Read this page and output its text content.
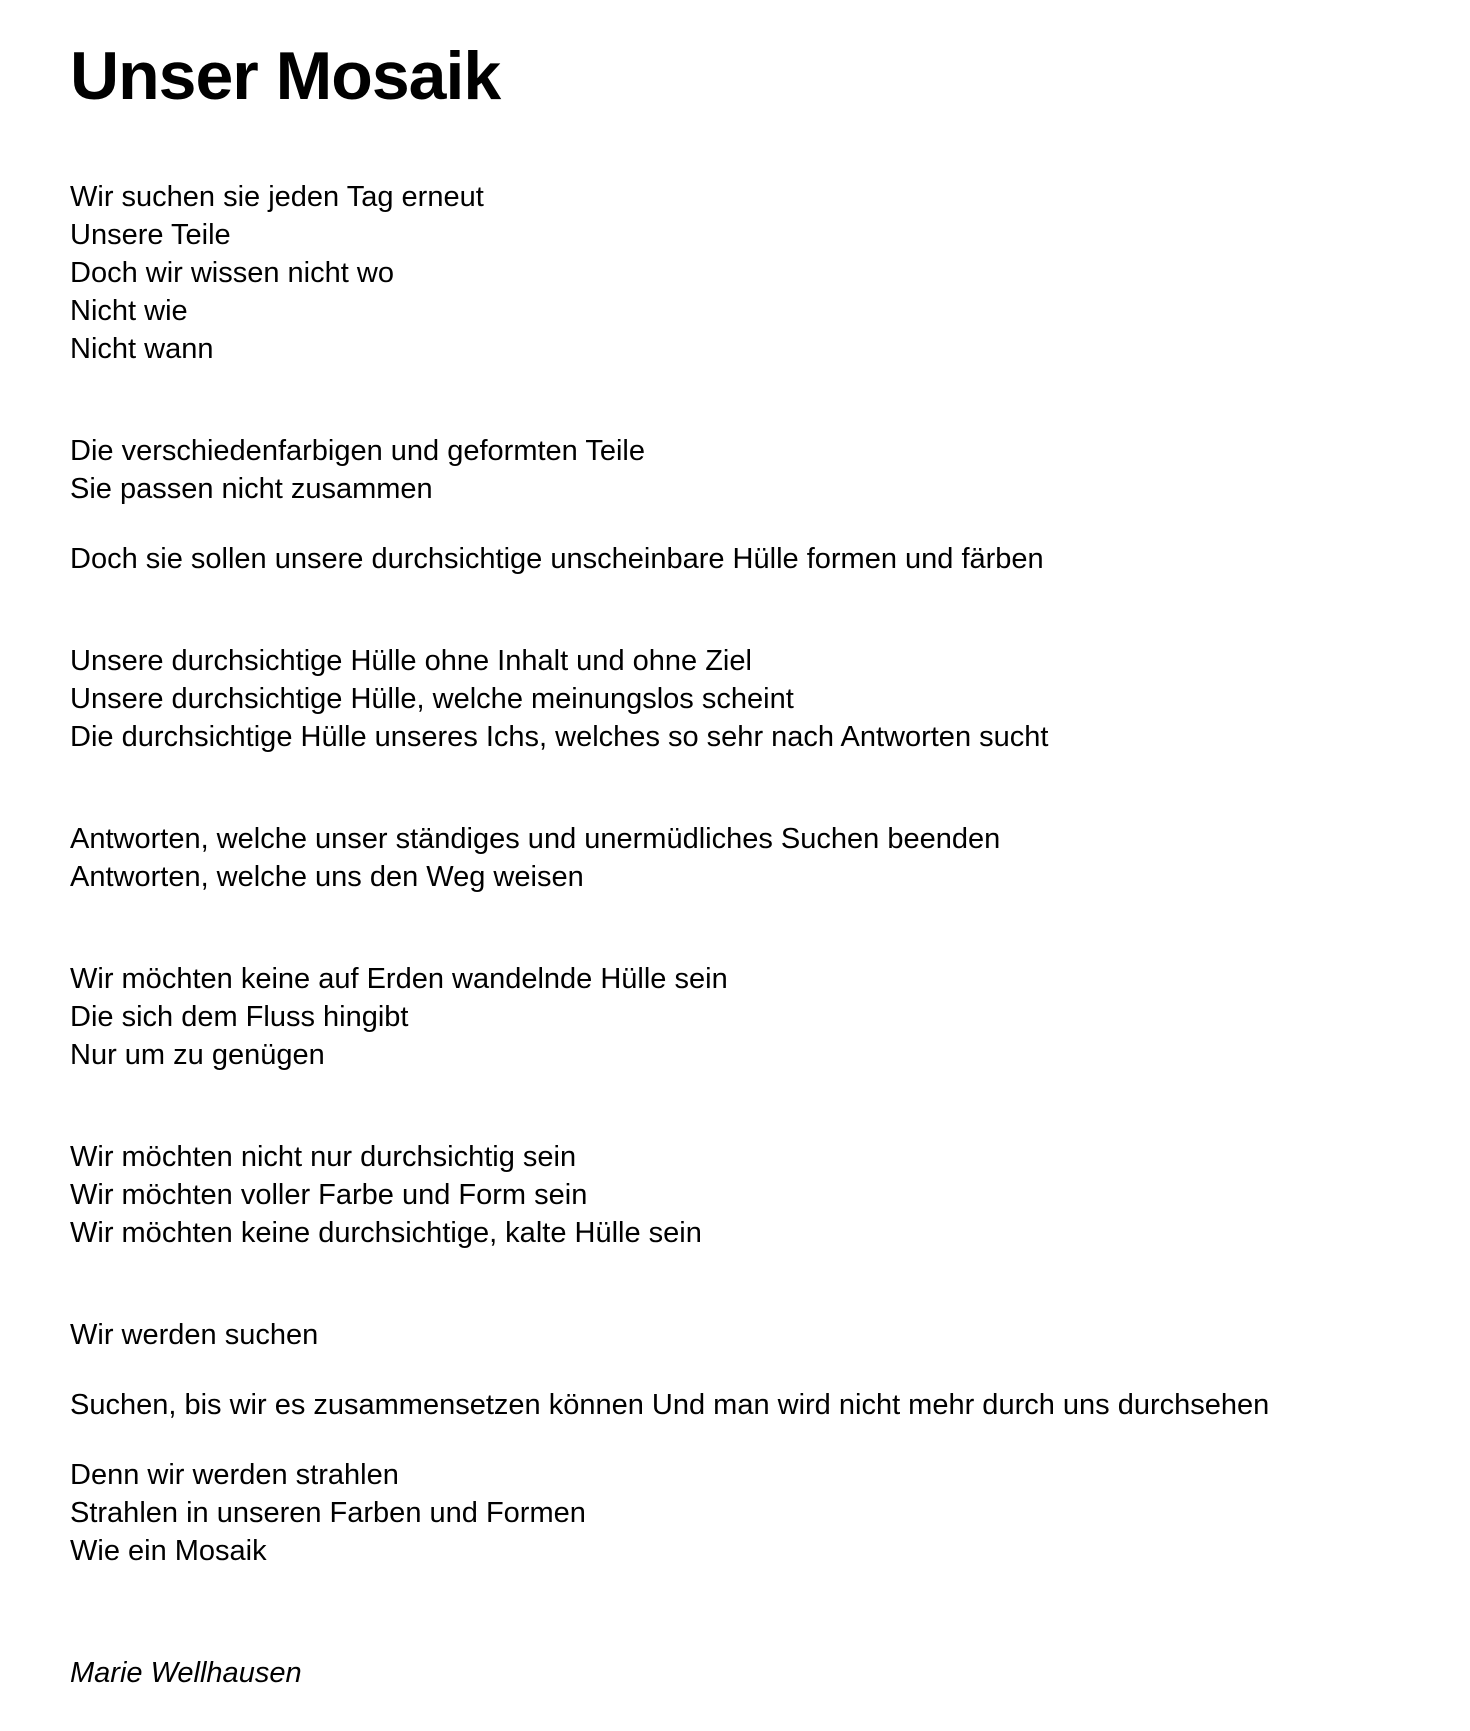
Unser Mosaik

Wir suchen sie jeden Tag erneut

Unsere Teile

Doch wir wissen nicht wo

Nicht wie

Nicht wann

Die verschiedenfarbigen und geformten Teile

Sie passen nicht zusammen

Doch sie sollen unsere durchsichtige unscheinbare Hülle formen und färben

Unsere durchsichtige Hülle ohne Inhalt und ohne Ziel

Unsere durchsichtige Hülle, welche meinungslos scheint

Die durchsichtige Hülle unseres Ichs, welches so sehr nach Antworten sucht

Antworten, welche unser ständiges und unermüdliches Suchen beenden

Antworten, welche uns den Weg weisen

Wir möchten keine auf Erden wandelnde Hülle sein

Die sich dem Fluss hingibt

Nur um zu genügen

Wir möchten nicht nur durchsichtig sein

Wir möchten voller Farbe und Form sein

Wir möchten keine durchsichtige, kalte Hülle sein

Wir werden suchen

Suchen, bis wir es zusammensetzen können Und man wird nicht mehr durch uns durchsehen

Denn wir werden strahlen

Strahlen in unseren Farben und Formen

Wie ein Mosaik

Marie Wellhausen
